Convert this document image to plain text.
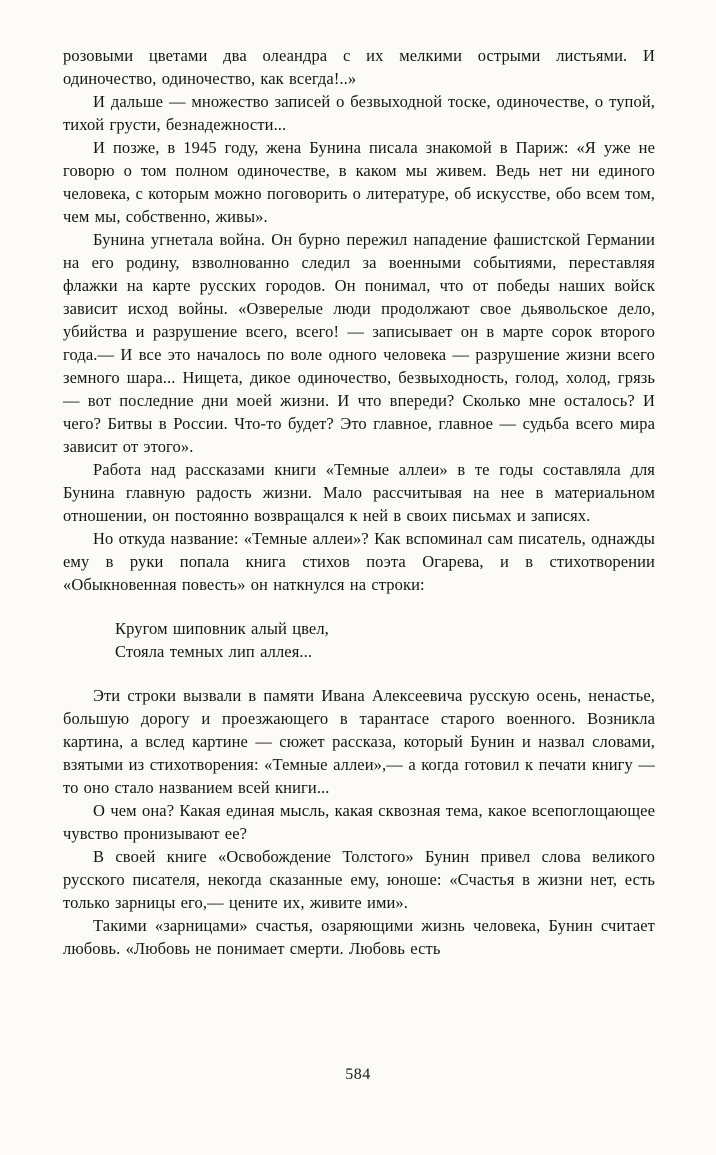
розовыми цветами два олеандра с их мелкими острыми листьями. И одиночество, одиночество, как всегда!..»

И дальше — множество записей о безвыходной тоске, одиночестве, о тупой, тихой грусти, безнадежности...

И позже, в 1945 году, жена Бунина писала знакомой в Париж: «Я уже не говорю о том полном одиночестве, в каком мы живем. Ведь нет ни единого человека, с которым можно поговорить о литературе, об искусстве, обо всем том, чем мы, собственно, живы».

Бунина угнетала война. Он бурно пережил нападение фашистской Германии на его родину, взволнованно следил за военными событиями, переставляя флажки на карте русских городов. Он понимал, что от победы наших войск зависит исход войны. «Озверелые люди продолжают свое дьявольское дело, убийства и разрушение всего, всего! — записывает он в марте сорок второго года.— И все это началось по воле одного человека — разрушение жизни всего земного шара... Нищета, дикое одиночество, безвыходность, голод, холод, грязь — вот последние дни моей жизни. И что впереди? Сколько мне осталось? И чего? Битвы в России. Что-то будет? Это главное, главное — судьба всего мира зависит от этого».

Работа над рассказами книги «Темные аллеи» в те годы составляла для Бунина главную радость жизни. Мало рассчитывая на нее в материальном отношении, он постоянно возвращался к ней в своих письмах и записях.

Но откуда название: «Темные аллеи»? Как вспоминал сам писатель, однажды ему в руки попала книга стихов поэта Огарева, и в стихотворении «Обыкновенная повесть» он наткнулся на строки:

Кругом шиповник алый цвел,
Стояла темных лип аллея...

Эти строки вызвали в памяти Ивана Алексеевича русскую осень, ненастье, большую дорогу и проезжающего в тарантасе старого военного. Возникла картина, а вслед картине — сюжет рассказа, который Бунин и назвал словами, взятыми из стихотворения: «Темные аллеи»,— а когда готовил к печати книгу — то оно стало названием всей книги...

О чем она? Какая единая мысль, какая сквозная тема, какое всепоглощающее чувство пронизывают ее?

В своей книге «Освобождение Толстого» Бунин привел слова великого русского писателя, некогда сказанные ему, юноше: «Счастья в жизни нет, есть только зарницы его,— цените их, живите ими».

Такими «зарницами» счастья, озаряющими жизнь человека, Бунин считает любовь. «Любовь не понимает смерти. Любовь есть

584
